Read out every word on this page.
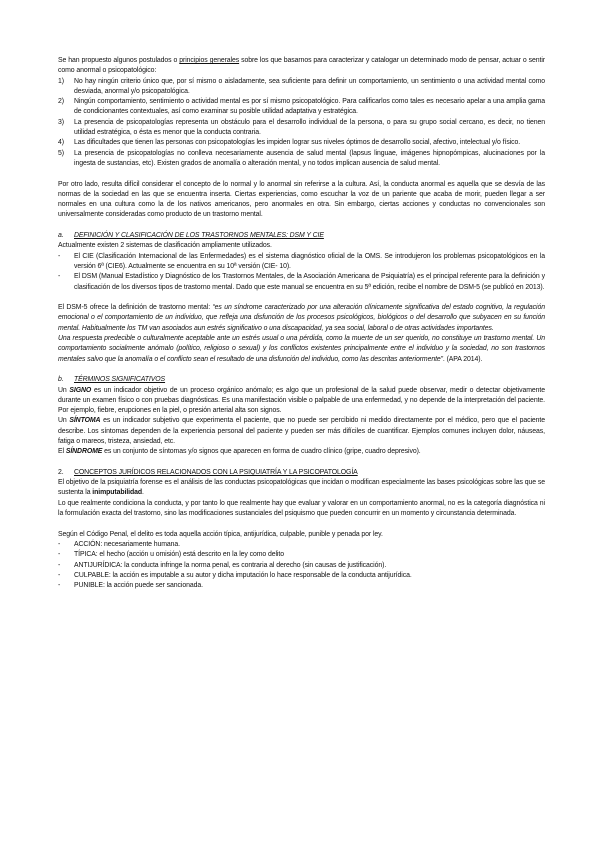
Se han propuesto algunos postulados o principios generales sobre los que basarnos para caracterizar y catalogar un determinado modo de pensar, actuar o sentir como anormal o psicopatológico:

1)	No hay ningún criterio único que, por sí mismo o aisladamente, sea suficiente para definir un comportamiento, un sentimiento o una actividad mental como desviada, anormal y/o psicopatológica.
2)	Ningún comportamiento, sentimiento o actividad mental es por sí mismo psicopatológico. Para calificarlos como tales es necesario apelar a una amplia gama de condicionantes contextuales, así como examinar su posible utilidad adaptativa y estratégica.
3)	La presencia de psicopatologías representa un obstáculo para el desarrollo individual de la persona, o para su grupo social cercano, es decir, no tienen utilidad estratégica, o ésta es menor que la conducta contraria.
4)	Las dificultades que tienen las personas con psicopatologías les impiden lograr sus niveles óptimos de desarrollo social, afectivo, intelectual y/o físico.
5)	La presencia de psicopatologías no conlleva necesariamente ausencia de salud mental (lapsus linguae, imágenes hipnopómpicas, alucinaciones por la ingesta de sustancias, etc). Existen grados de anomalía o alteración mental, y no todos implican ausencia de salud mental.

Por otro lado, resulta difícil considerar el concepto de lo normal y lo anormal sin referirse a la cultura. Así, la conducta anormal es aquella que se desvía de las normas de la sociedad en las que se encuentra inserta. Ciertas experiencias, como escuchar la voz de un pariente que acaba de morir, pueden llegar a ser normales en una cultura como la de los nativos americanos, pero anormales en otra. Sin embargo, ciertas acciones y conductas no convencionales son universalmente consideradas como producto de un trastorno mental.

a.	DEFINICIÓN Y CLASIFICACIÓN DE LOS TRASTORNOS MENTALES: DSM Y CIE

Actualmente existen 2 sistemas de clasificación ampliamente utilizados.

-	El CIE (Clasificación Internacional de las Enfermedades) es el sistema diagnóstico oficial de la OMS. Se introdujeron los problemas psicopatológicos en la versión 6ª (CIE6). Actualmente se encuentra en su 10ª versión (CIE- 10).
-	El DSM (Manual Estadístico y Diagnóstico de los Trastornos Mentales, de la Asociación Americana de Psiquiatría) es el principal referente para la definición y clasificación de los diversos tipos de trastorno mental. Dado que este manual se encuentra en su 5ª edición, recibe el nombre de DSM-5 (se publicó en 2013).

El DSM-5 ofrece la definición de trastorno mental: “es un síndrome caracterizado por una alteración clínicamente significativa del estado cognitivo, la regulación emocional o el comportamiento de un individuo, que refleja una disfunción de los procesos psicológicos, biológicos o del desarrollo que subyacen en su función mental. Habitualmente los TM van asociados aun estrés significativo o una discapacidad, ya sea social, laboral o de otras actividades importantes.

Una respuesta predecible o culturalmente aceptable ante un estrés usual o una pérdida, como la muerte de un ser querido, no constituye un trastorno mental. Un comportamiento socialmente anómalo (político, religioso o sexual) y los conflictos existentes principalmente entre el individuo y la sociedad, no son trastornos mentales salvo que la anomalía o el conflicto sean el resultado de una disfunción del individuo, como las descritas anteriormente”. (APA 2014).

b.	TÉRMINOS SIGNIFICATIVOS

Un SIGNO es un indicador objetivo de un proceso orgánico anómalo; es algo que un profesional de la salud puede observar, medir o detectar objetivamente durante un examen físico o con pruebas diagnósticas. Es una manifestación visible o palpable de una enfermedad, y no depende de la interpretación del paciente. Por ejemplo, fiebre, erupciones en la piel, o presión arterial alta son signos.

Un SÍNTOMA es un indicador subjetivo que experimenta el paciente, que no puede ser percibido ni medido directamente por el médico, pero que el paciente describe. Los síntomas dependen de la experiencia personal del paciente y pueden ser más difíciles de cuantificar. Ejemplos comunes incluyen dolor, náuseas, fatiga o mareos, tristeza, ansiedad, etc.

El SÍNDROME es un conjunto de síntomas y/o signos que aparecen en forma de cuadro clínico (gripe, cuadro depresivo).

2.	CONCEPTOS JURÍDICOS RELACIONADOS CON LA PSIQUIATRÍA Y LA PSICOPATOLOGÍA

El objetivo de la psiquiatría forense es el análisis de las conductas psicopatológicas que incidan o modifican especialmente las bases psicológicas sobre las que se sustenta la inimputabilidad.

Lo que realmente condiciona la conducta, y por tanto lo que realmente hay que evaluar y valorar en un comportamiento anormal, no es la categoría diagnóstica ni la formulación exacta del trastorno, sino las modificaciones sustanciales del psiquismo que pueden concurrir en un momento y circunstancia determinada.

Según el Código Penal, el delito es toda aquella acción típica, antijurídica, culpable, punible y penada por ley.

-	ACCIÓN: necesariamente humana.
-	TÍPICA: el hecho (acción u omisión) está descrito en la ley como delito
-	ANTIJURÍDICA: la conducta infringe la norma penal, es contraria al derecho (sin causas de justificación).
-	CULPABLE: la acción es imputable a su autor y dicha imputación lo hace responsable de la conducta antijurídica.
-	PUNIBLE: la acción puede ser sancionada.
